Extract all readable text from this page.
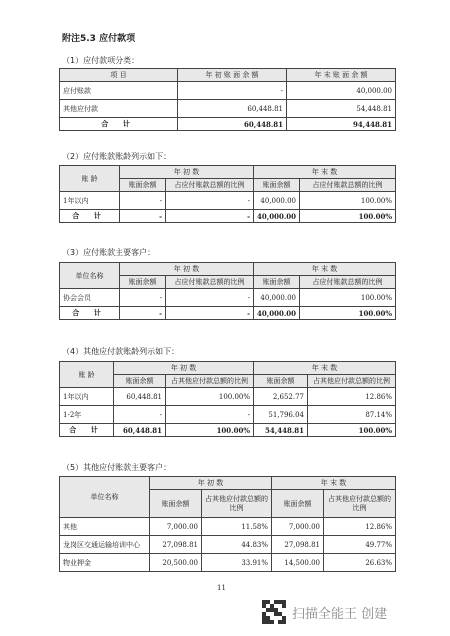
附注5.3 应付款项
（1）应付款项分类：
项 目	年 初 账 面 余 额	年 末 账 面 余 额
应付账款	-	40,000.00
其他应付款	60,448.81	54,448.81
合 计	60,448.81	94,448.81
（2）应付账款账龄列示如下：
账 龄	年 初 数		年 末 数	
	账面余额	占应付账款总额的比例	账面余额	占应付账款总额的比例
1年以内	-	-	40,000.00	100.00%
合 计	-	-	40,000.00	100.00%
（3）应付账款主要客户：
单位名称	年 初 数		年 末 数	
	账面余额	占应付账款总额的比例	账面余额	占应付账款总额的比例
协会会员	-	-	40,000.00	100.00%
合 计	-	-	40,000.00	100.00%
（4）其他应付款账龄列示如下：
账 龄	年 初 数		年 末 数	
	账面余额	占其他应付款总额的比例	账面余额	占其他应付款总额的比例
1年以内	60,448.81	100.00%	2,652.77	12.86%
1-2年	-	-	51,796.04	87.14%
合 计	60,448.81	100.00%	54,448.81	100.00%
（5）其他应付账款主要客户：
单位名称	年 初 数		年 末 数	
	账面余额	占其他应付款总额的比例	账面余额	占其他应付款总额的比例
其他	7,000.00	11.58%	7,000.00	12.86%
龙岗区交通运输培训中心	27,098.81	44.83%	27,098.81	49.77%
物业押金	20,500.00	33.91%	14,500.00	26.63%
11
扫描全能王 创建
